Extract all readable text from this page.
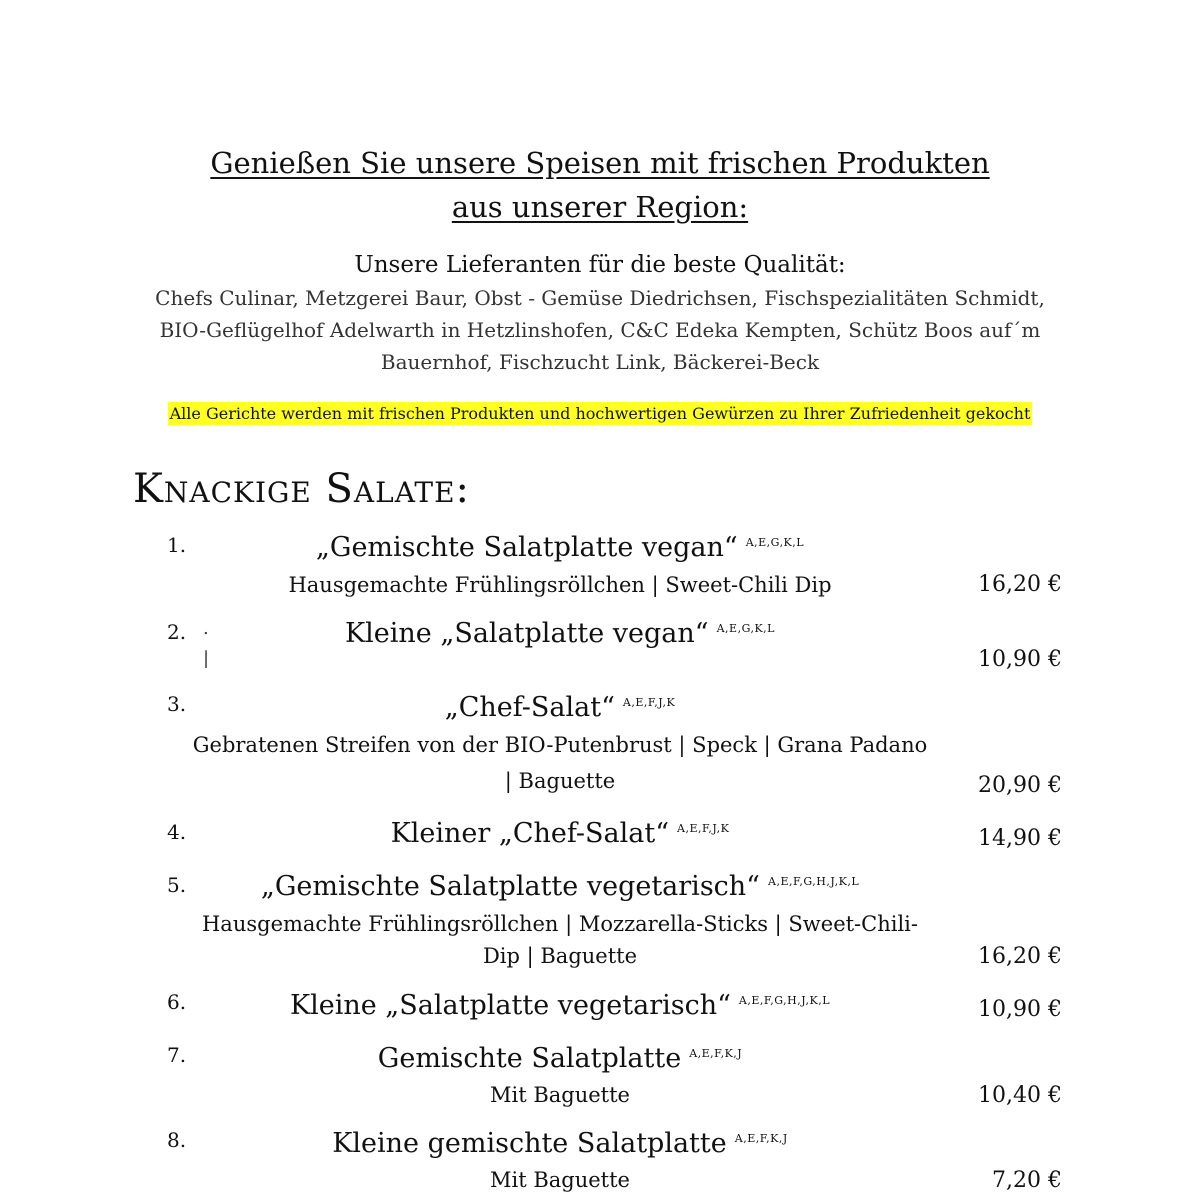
Genießen Sie unsere Speisen mit frischen Produkten
aus unserer Region:
Unsere Lieferanten für die beste Qualität:
Chefs Culinar, Metzgerei Baur, Obst - Gemüse Diedrichsen, Fischspezialitäten Schmidt,
BIO-Geflügelhof Adelwarth in Hetzlinshofen, C&C Edeka Kempten, Schütz Boos auf´m
Bauernhof, Fischzucht Link, Bäckerei-Beck
Alle Gerichte werden mit frischen Produkten und hochwertigen Gewürzen zu Ihrer Zufriedenheit gekocht
Knackige Salate:
1.	„Gemischte Salatplatte vegan“ $^{A,E,G,K,L}$
Hausgemachte Frühlingsröllchen | Sweet-Chili Dip	16,20 €
2. .
|
Kleine „Salatplatte vegan“ $^{A,E,G,K,L}$
10,90 €
3.	„Chef-Salat“ $^{A,E,F,J,K}$
Gebratenen Streifen von der BIO-Putenbrust | Speck | Grana Padano
| Baguette	20,90 €
4.	Kleiner „Chef-Salat“ $^{A,E,F,J,K}$	14,90 €
5.	„Gemischte Salatplatte vegetarisch“ $^{A,E,F,G,H,J,K,L}$
Hausgemachte Frühlingsröllchen | Mozzarella-Sticks | Sweet-Chili-
Dip | Baguette	16,20 €
6.	Kleine „Salatplatte vegetarisch“ $^{A,E,F,G,H,J,K,L}$	10,90 €
7.	Gemischte Salatplatte $^{A,E,F,K,J}$
Mit Baguette	10,40 €
8.	Kleine gemischte Salatplatte $^{A,E,F,K,J}$
Mit Baguette	7,20 €
